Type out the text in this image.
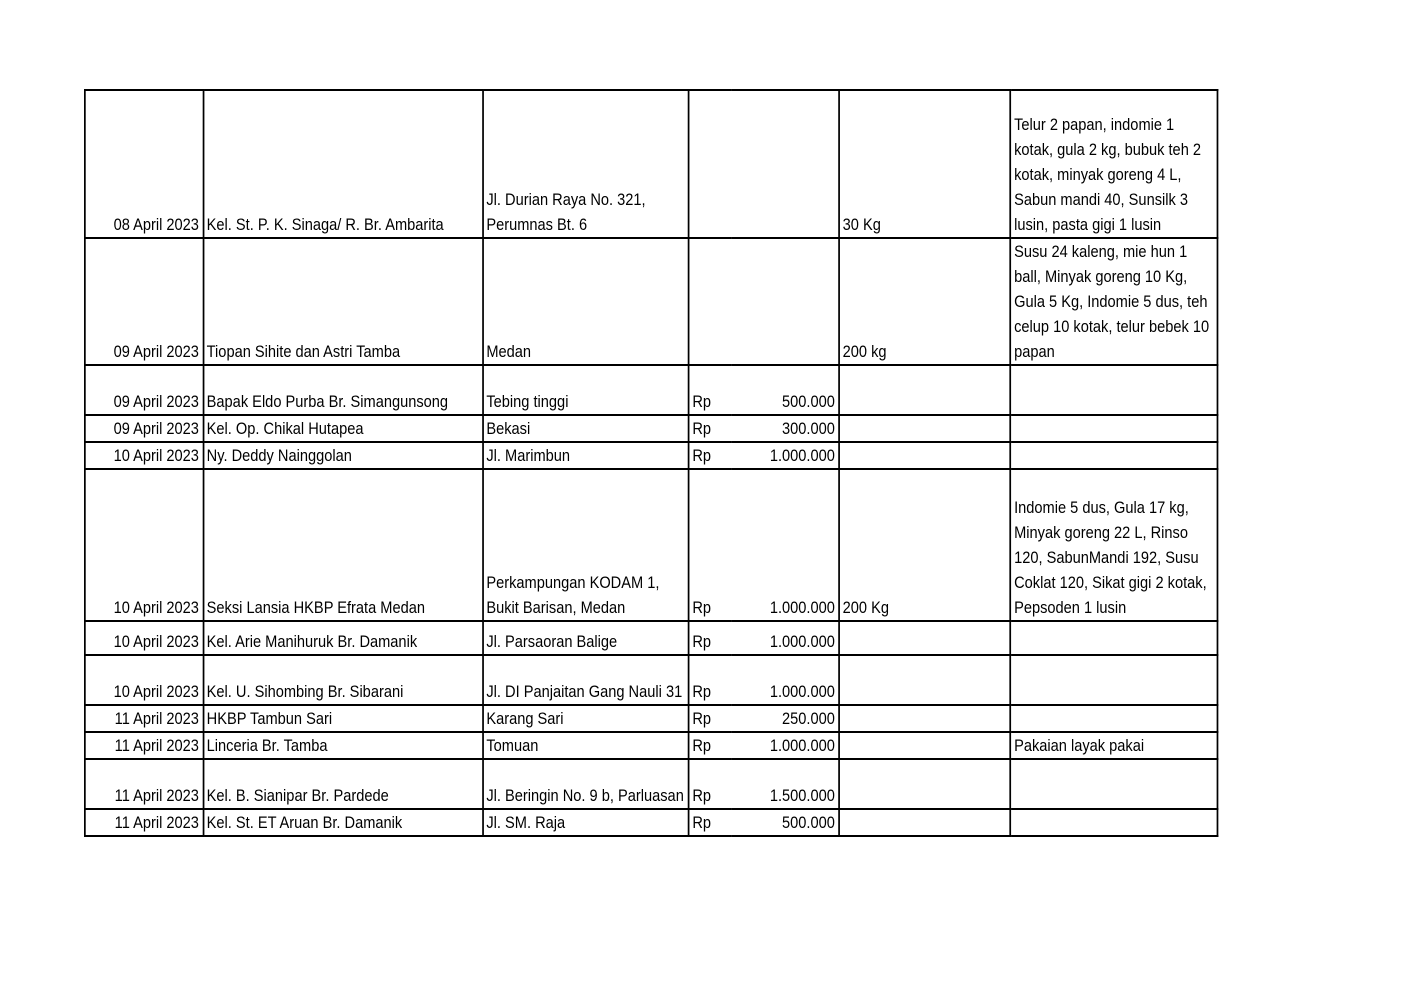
08 April 2023	Kel. St. P. K. Sinaga/ R. Br. Ambarita	Jl. Durian Raya No. 321, Perumnas Bt. 6			30 Kg	Telur 2 papan, indomie 1 kotak, gula 2 kg, bubuk teh 2 kotak, minyak goreng 4 L, Sabun mandi 40, Sunsilk 3 lusin, pasta gigi 1 lusin
09 April 2023	Tiopan Sihite dan Astri Tamba	Medan			200 kg	Susu 24 kaleng, mie hun 1 ball, Minyak goreng 10 Kg, Gula 5 Kg, Indomie 5 dus, teh celup 10 kotak, telur bebek 10 papan
09 April 2023	Bapak Eldo Purba Br. Simangunsong	Tebing tinggi	Rp	500.000		
09 April 2023	Kel. Op. Chikal Hutapea	Bekasi	Rp	300.000		
10 April 2023	Ny. Deddy Nainggolan	Jl. Marimbun	Rp	1.000.000		
10 April 2023	Seksi Lansia HKBP Efrata Medan	Perkampungan KODAM 1, Bukit Barisan, Medan	Rp	1.000.000	200 Kg	Indomie 5 dus, Gula 17 kg, Minyak goreng 22 L, Rinso 120, SabunMandi 192, Susu Coklat 120, Sikat gigi 2 kotak, Pepsoden 1 lusin
10 April 2023	Kel. Arie Manihuruk Br. Damanik	Jl. Parsaoran Balige	Rp	1.000.000		
10 April 2023	Kel. U. Sihombing Br. Sibarani	Jl. DI Panjaitan Gang Nauli 31	Rp	1.000.000		
11 April 2023	HKBP Tambun Sari	Karang Sari	Rp	250.000		
11 April 2023	Linceria Br. Tamba	Tomuan	Rp	1.000.000		Pakaian layak pakai
11 April 2023	Kel. B. Sianipar Br. Pardede	Jl. Beringin No. 9 b, Parluasan	Rp	1.500.000		
11 April 2023	Kel. St. ET Aruan Br. Damanik	Jl. SM. Raja	Rp	500.000		
